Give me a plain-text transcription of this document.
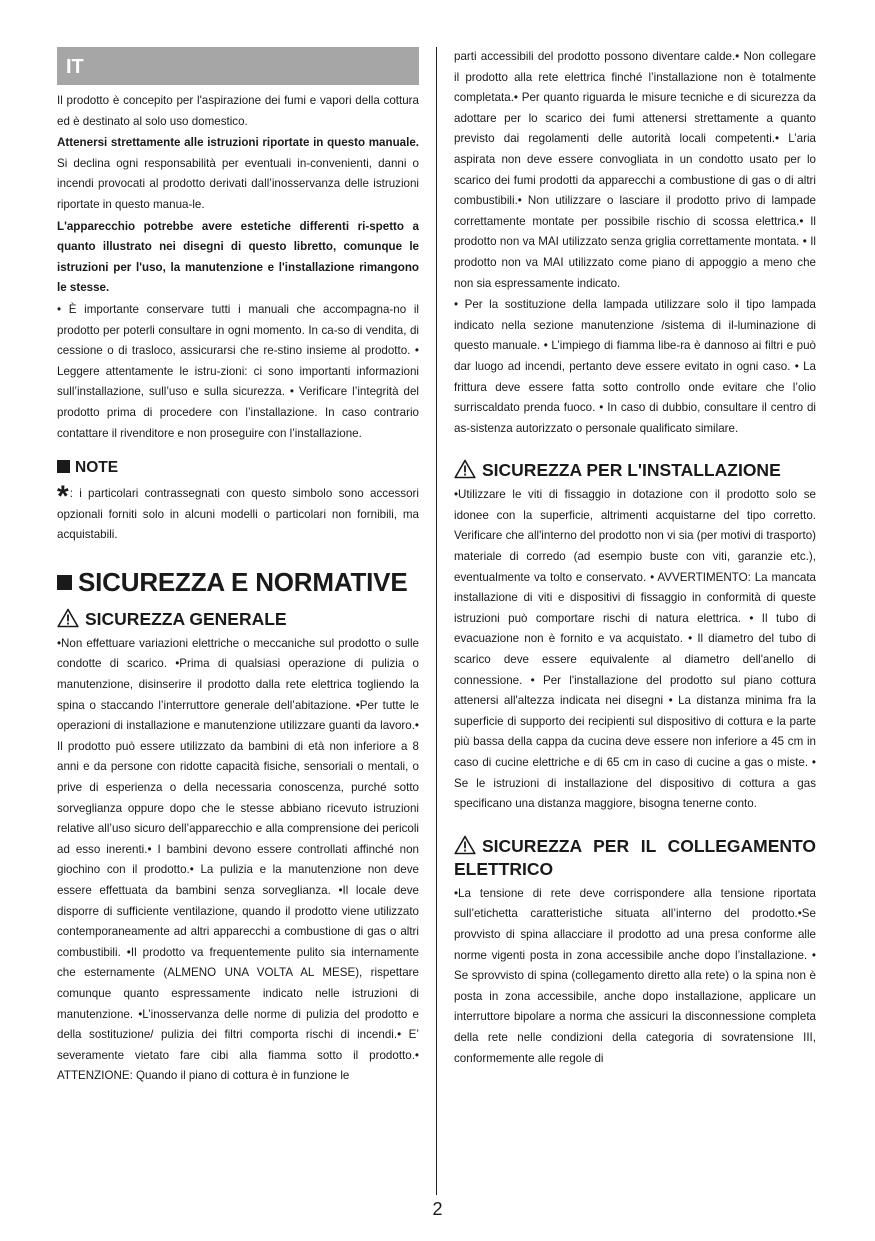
IT

Il prodotto è concepito per l'aspirazione dei fumi e vapori della cottura ed è destinato al solo uso domestico.

Attenersi strettamente alle istruzioni riportate in questo manuale. Si declina ogni responsabilità per eventuali in-convenienti, danni o incendi provocati al prodotto derivati dall’inosservanza delle istruzioni riportate in questo manua-le.

L'apparecchio potrebbe avere estetiche differenti ri-spetto a quanto illustrato nei disegni di questo libretto, comunque le istruzioni per l'uso, la manutenzione e l'installazione rimangono le stesse.

• È importante conservare tutti i manuali che accompagna-no il prodotto per poterli consultare in ogni momento. In ca-so di vendita, di cessione o di trasloco, assicurarsi che re-stino insieme al prodotto. • Leggere attentamente le istru-zioni: ci sono importanti informazioni sull’installazione, sull’uso e sulla sicurezza. • Verificare l’integrità del prodotto prima di procedere con l’installazione. In caso contrario contattare il rivenditore e non proseguire con l’installazione.

NOTE

*: i particolari contrassegnati con questo simbolo sono accessori opzionali forniti solo in alcuni modelli o particolari non fornibili, ma acquistabili.

SICUREZZA E NORMATIVE
SICUREZZA GENERALE

•Non effettuare variazioni elettriche o meccaniche sul prodotto o sulle condotte di scarico. •Prima di qualsiasi operazione di pulizia o manutenzione, disinserire il prodotto dalla rete elettrica togliendo la spina o staccando l’interruttore generale dell’abitazione. •Per tutte le operazioni di installazione e manutenzione utilizzare guanti da lavoro.• Il prodotto può essere utilizzato da bambini di età non inferiore a 8 anni e da persone con ridotte capacità fisiche, sensoriali o mentali, o prive di esperienza o della necessaria conoscenza, purché sotto sorveglianza oppure dopo che le stesse abbiano ricevuto istruzioni relative all’uso sicuro dell’apparecchio e alla comprensione dei pericoli ad esso inerenti.• I bambini devono essere controllati affinché non giochino con il prodotto.• La pulizia e la manutenzione non deve essere effettuata da bambini senza sorveglianza. •Il locale deve disporre di sufficiente ventilazione, quando il prodotto viene utilizzato contemporaneamente ad altri apparecchi a combustione di gas o altri combustibili. •Il prodotto va frequentemente pulito sia internamente che esternamente (ALMENO UNA VOLTA AL MESE), rispettare comunque quanto espressamente indicato nelle istruzioni di manutenzione. •L’inosservanza delle norme di pulizia del prodotto e della sostituzione/ pulizia dei filtri comporta rischi di incendi.• E’ severamente vietato fare cibi alla fiamma sotto il prodotto.• ATTENZIONE: Quando il piano di cottura è in funzione le

parti accessibili del prodotto possono diventare calde.• Non collegare il prodotto alla rete elettrica finché l’installazione non è totalmente completata.• Per quanto riguarda le misure tecniche e di sicurezza da adottare per lo scarico dei fumi attenersi strettamente a quanto previsto dai regolamenti delle autorità locali competenti.• L’aria aspirata non deve essere convogliata in un condotto usato per lo scarico dei fumi prodotti da apparecchi a combustione di gas o di altri combustibili.• Non utilizzare o lasciare il prodotto privo di lampade correttamente montate per possibile rischio di scossa elettrica.• Il prodotto non va MAI utilizzato senza griglia correttamente montata. • Il prodotto non va MAI utilizzato come piano di appoggio a meno che non sia espressamente indicato.

• Per la sostituzione della lampada utilizzare solo il tipo lampada indicato nella sezione manutenzione /sistema di il-luminazione di questo manuale. • L’impiego di fiamma libe-ra è dannoso ai filtri e può dar luogo ad incendi, pertanto deve essere evitato in ogni caso. • La frittura deve essere fatta sotto controllo onde evitare che l’olio surriscaldato prenda fuoco. • In caso di dubbio, consultare il centro di as-sistenza autorizzato o personale qualificato similare.

SICUREZZA PER L'INSTALLAZIONE

•Utilizzare le viti di fissaggio in dotazione con il prodotto solo se idonee con la superficie, altrimenti acquistarne del tipo corretto. Verificare che all'interno del prodotto non vi sia (per motivi di trasporto) materiale di corredo (ad esempio buste con viti, garanzie etc.), eventualmente va tolto e conservato. • AVVERTIMENTO: La mancata installazione di viti e dispositivi di fissaggio in conformità di queste istruzioni può comportare rischi di natura elettrica. • Il tubo di evacuazione non è fornito e va acquistato. • Il diametro del tubo di scarico deve essere equivalente al diametro dell'anello di connessione. • Per l'installazione del prodotto sul piano cottura attenersi all'altezza indicata nei disegni • La distanza minima fra la superficie di supporto dei recipienti sul dispositivo di cottura e la parte più bassa della cappa da cucina deve essere non inferiore a 45 cm in caso di cucine elettriche e di 65 cm in caso di cucine a gas o miste. • Se le istruzioni di installazione del dispositivo di cottura a gas specificano una distanza maggiore, bisogna tenerne conto.

SICUREZZA PER IL COLLEGAMENTO ELETTRICO

•La tensione di rete deve corrispondere alla tensione riportata sull’etichetta caratteristiche situata all’interno del prodotto.•Se provvisto di spina allacciare il prodotto ad una presa conforme alle norme vigenti posta in zona accessibile anche dopo l’installazione. • Se sprovvisto di spina (collegamento diretto alla rete) o la spina non è posta in zona accessibile, anche dopo installazione, applicare un interruttore bipolare a norma che assicuri la disconnessione completa della rete nelle condizioni della categoria di sovratensione III, conformemente alle regole di

2
